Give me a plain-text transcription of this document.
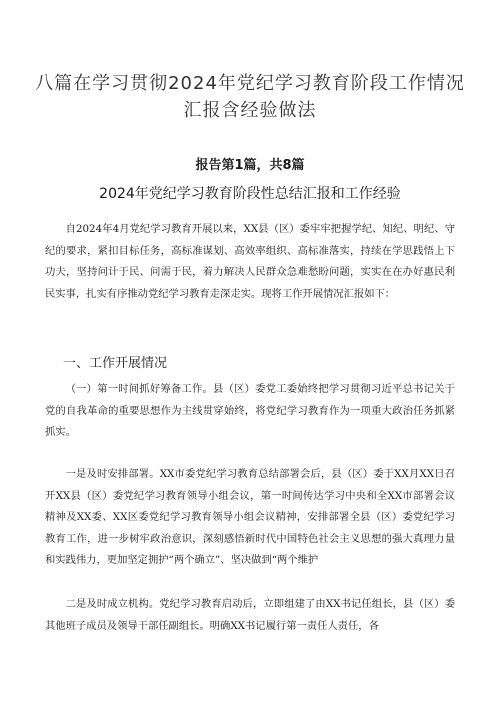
八篇在学习贯彻2024年党纪学习教育阶段工作情况
汇报含经验做法

报告第1篇，共8篇

2024年党纪学习教育阶段性总结汇报和工作经验

自2024年4月党纪学习教育开展以来，XX县（区）委牢牢把握学纪、知纪、明纪、守纪的要求，紧扣目标任务，高标准谋划、高效率组织、高标准落实，持续在学思践悟上下功夫，坚持问计于民、问需于民，着力解决人民群众急难愁盼问题，实实在在办好惠民利民实事，扎实有序推动党纪学习教育走深走实。现将工作开展情况汇报如下：

一、工作开展情况

（一）第一时间抓好筹备工作。县（区）委党工委始终把学习贯彻习近平总书记关于党的自我革命的重要思想作为主线贯穿始终，将党纪学习教育作为一项重大政治任务抓紧抓实。

一是及时安排部署。XX市委党纪学习教育总结部署会后，县（区）委于XX月XX日召开XX县（区）委党纪学习教育领导小组会议，第一时间传达学习中央和全XX市部署会议精神及XX委、XX区委党纪学习教育领导小组会议精神，安排部署全县（区）委党纪学习教育工作，进一步树牢政治意识，深刻感悟新时代中国特色社会主义思想的强大真理力量和实践伟力，更加坚定拥护“两个确立”、坚决做到“两个维护

二是及时成立机构。党纪学习教育启动后，立即组建了由XX书记任组长，县（区）委其他班子成员及领导干部任副组长。明确XX书记履行第一责任人责任，各
